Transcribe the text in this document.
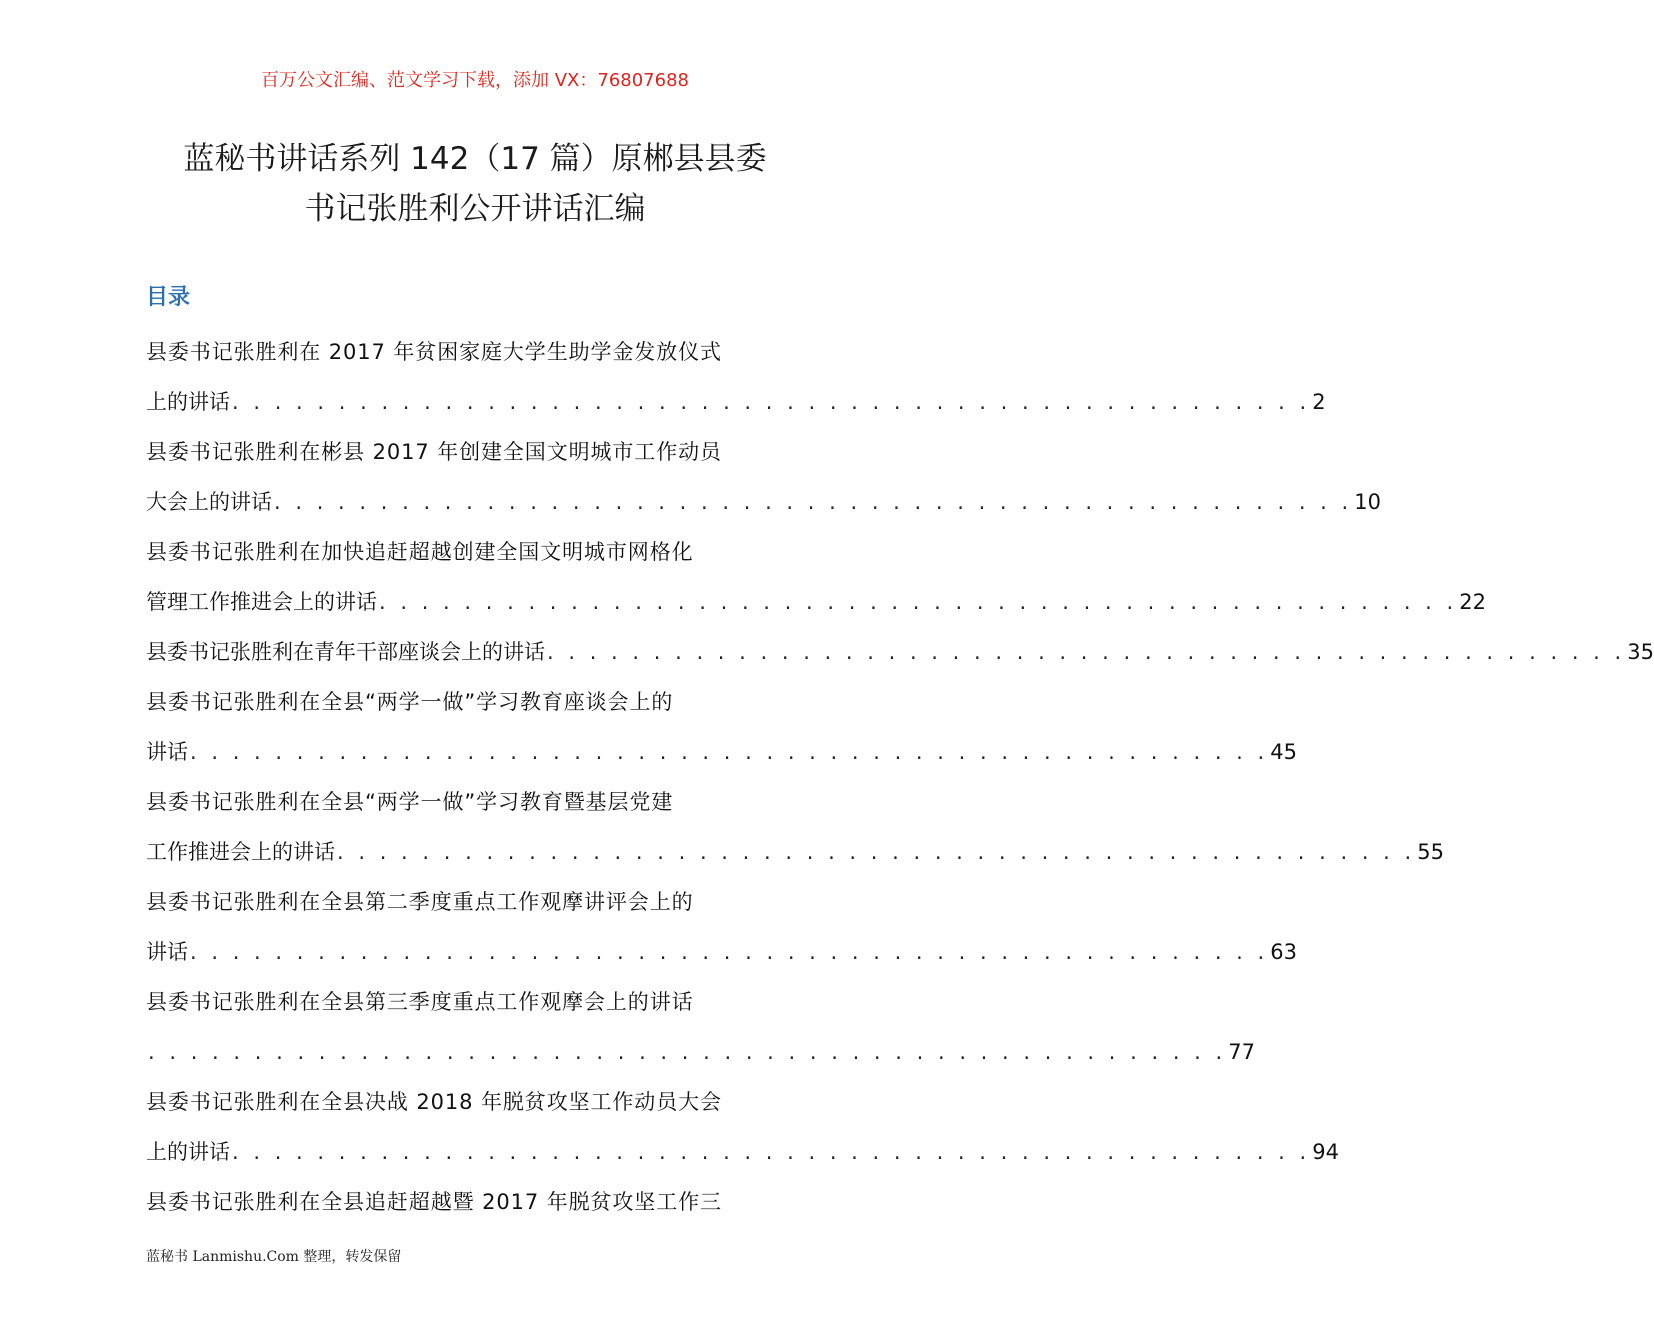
百万公文汇编、范文学习下载，添加 VX：76807688
蓝秘书讲话系列 142（17 篇）原郴县县委
书记张胜利公开讲话汇编
目录
县委书记张胜利在 2017 年贫困家庭大学生助学金发放仪式
上的讲话 . . . . . . . . . . . . . . . . . . . . . . . . . . . . . . . . . . . . . . . . . . . . . . . . . . . 2
县委书记张胜利在彬县 2017 年创建全国文明城市工作动员
大会上的讲话 . . . . . . . . . . . . . . . . . . . . . . . . . . . . . . . . . . . . . . . . . . . . . . . . . . . 10
县委书记张胜利在加快追赶超越创建全国文明城市网格化
管理工作推进会上的讲话 . . . . . . . . . . . . . . . . . . . . . . . . . . . . . . . . . . . . . . . . . . . . . . . . . . . 22
县委书记张胜利在青年干部座谈会上的讲话 . . . . . . . . . . . . . . . . . . . . . . . . . . . . . . . . . . . . . . . . . . . . . . . . . . . 35
县委书记张胜利在全县“两学一做”学习教育座谈会上的
讲话 . . . . . . . . . . . . . . . . . . . . . . . . . . . . . . . . . . . . . . . . . . . . . . . . . . . 45
县委书记张胜利在全县“两学一做”学习教育暨基层党建
工作推进会上的讲话 . . . . . . . . . . . . . . . . . . . . . . . . . . . . . . . . . . . . . . . . . . . . . . . . . . . 55
县委书记张胜利在全县第二季度重点工作观摩讲评会上的
讲话 . . . . . . . . . . . . . . . . . . . . . . . . . . . . . . . . . . . . . . . . . . . . . . . . . . . 63
县委书记张胜利在全县第三季度重点工作观摩会上的讲话
. . . . . . . . . . . . . . . . . . . . . . . . . . . . . . . . . . . . . . . . . . . . . . . . . . . 77
县委书记张胜利在全县决战 2018 年脱贫攻坚工作动员大会
上的讲话 . . . . . . . . . . . . . . . . . . . . . . . . . . . . . . . . . . . . . . . . . . . . . . . . . . . 94
县委书记张胜利在全县追赶超越暨 2017 年脱贫攻坚工作三
蓝秘书 Lanmishu.Com 整理，转发保留
